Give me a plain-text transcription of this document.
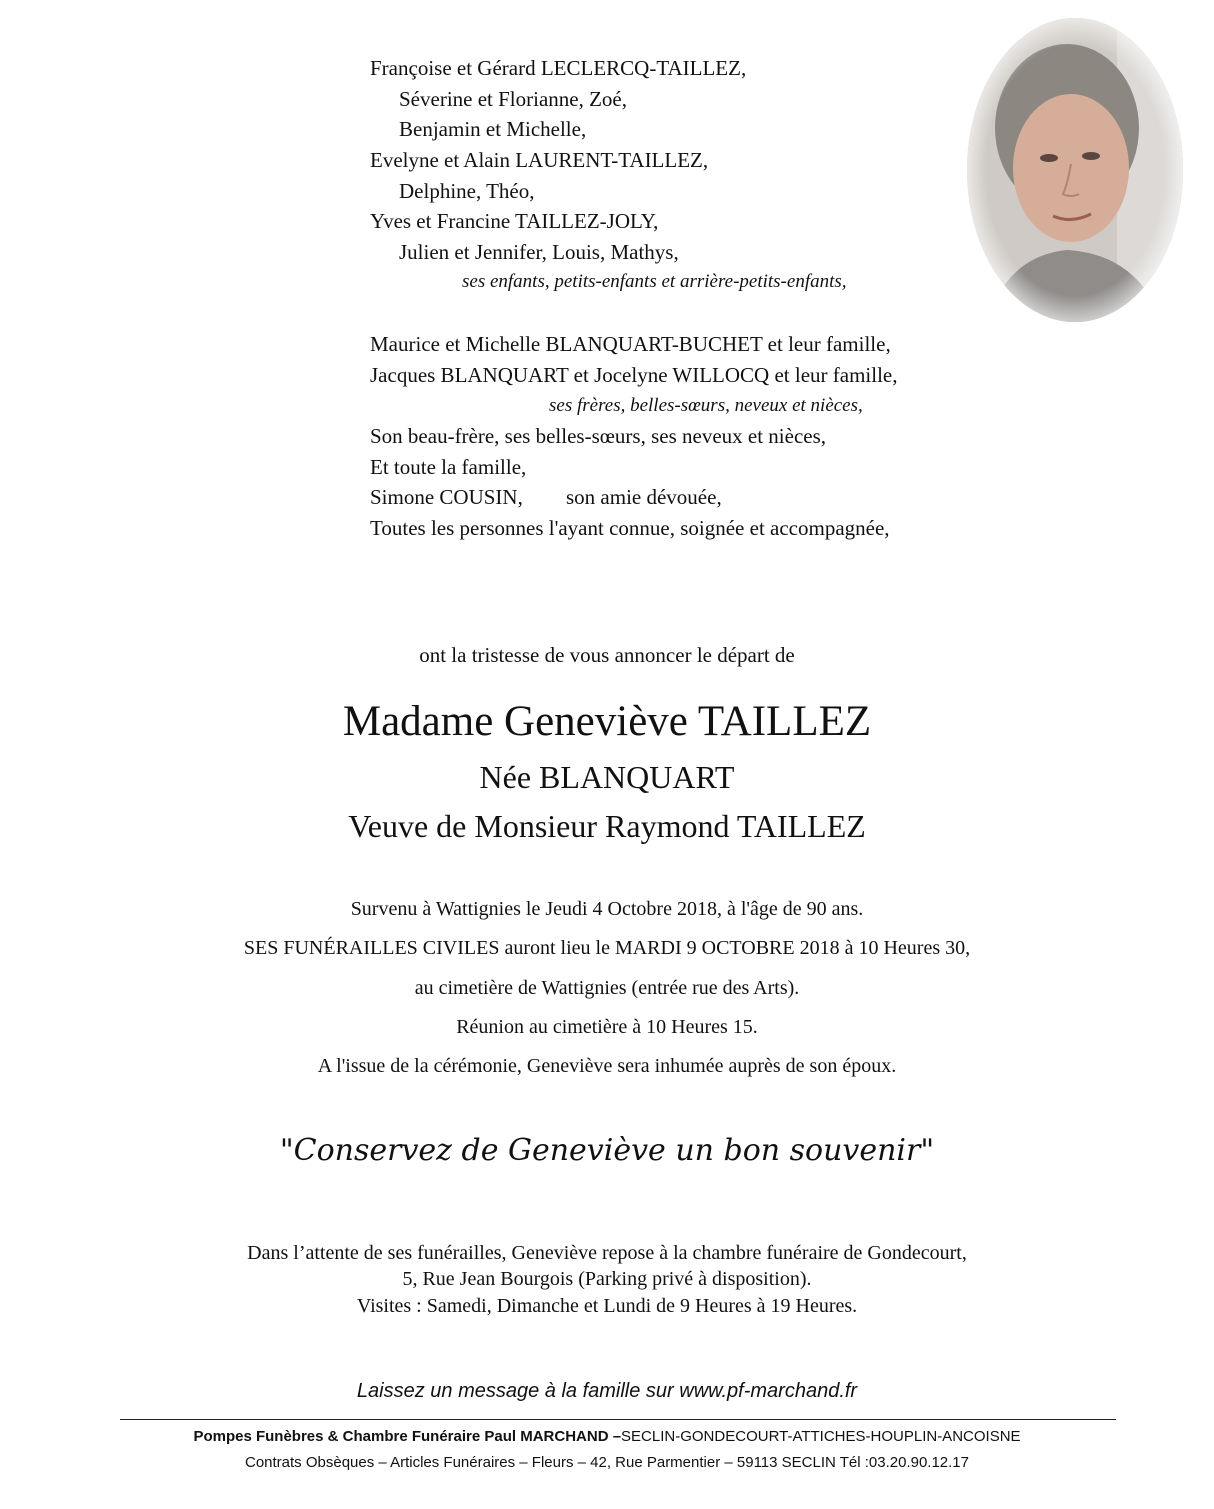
Françoise et Gérard LECLERCQ-TAILLEZ,
Séverine et Florianne, Zoé,
Benjamin et Michelle,
Evelyne et Alain LAURENT-TAILLEZ,
Delphine, Théo,
Yves et Francine TAILLEZ-JOLY,
Julien et Jennifer, Louis, Mathys,
ses enfants, petits-enfants et arrière-petits-enfants,
Maurice et Michelle BLANQUART-BUCHET et leur famille,
Jacques BLANQUART et Jocelyne WILLOCQ et leur famille,
ses frères, belles-sœurs, neveux et nièces,
Son beau-frère, ses belles-sœurs, ses neveux et nièces,
Et toute la famille,
Simone COUSIN, son amie dévouée,
Toutes les personnes l'ayant connue, soignée et accompagnée,
ont la tristesse de vous annoncer le départ de
Madame Geneviève TAILLEZ
Née BLANQUART
Veuve de Monsieur Raymond TAILLEZ
Survenu à Wattignies le Jeudi 4 Octobre 2018, à l'âge de 90 ans.
SES FUNÉRAILLES CIVILES auront lieu le MARDI 9 OCTOBRE 2018 à 10 Heures 30,
au cimetière de Wattignies (entrée rue des Arts).
Réunion au cimetière à 10 Heures 15.
A l'issue de la cérémonie, Geneviève sera inhumée auprès de son époux.
"Conservez de Geneviève un bon souvenir"
Dans l’attente de ses funérailles, Geneviève repose à la chambre funéraire de Gondecourt,
5, Rue Jean Bourgois (Parking privé à disposition).
Visites : Samedi, Dimanche et Lundi de 9 Heures à 19 Heures.
Laissez un message à la famille sur www.pf-marchand.fr
Pompes Funèbres & Chambre Funéraire Paul MARCHAND –SECLIN-GONDECOURT-ATTICHES-HOUPLIN-ANCOISNE
Contrats Obsèques – Articles Funéraires – Fleurs – 42, Rue Parmentier – 59113 SECLIN Tél :03.20.90.12.17
